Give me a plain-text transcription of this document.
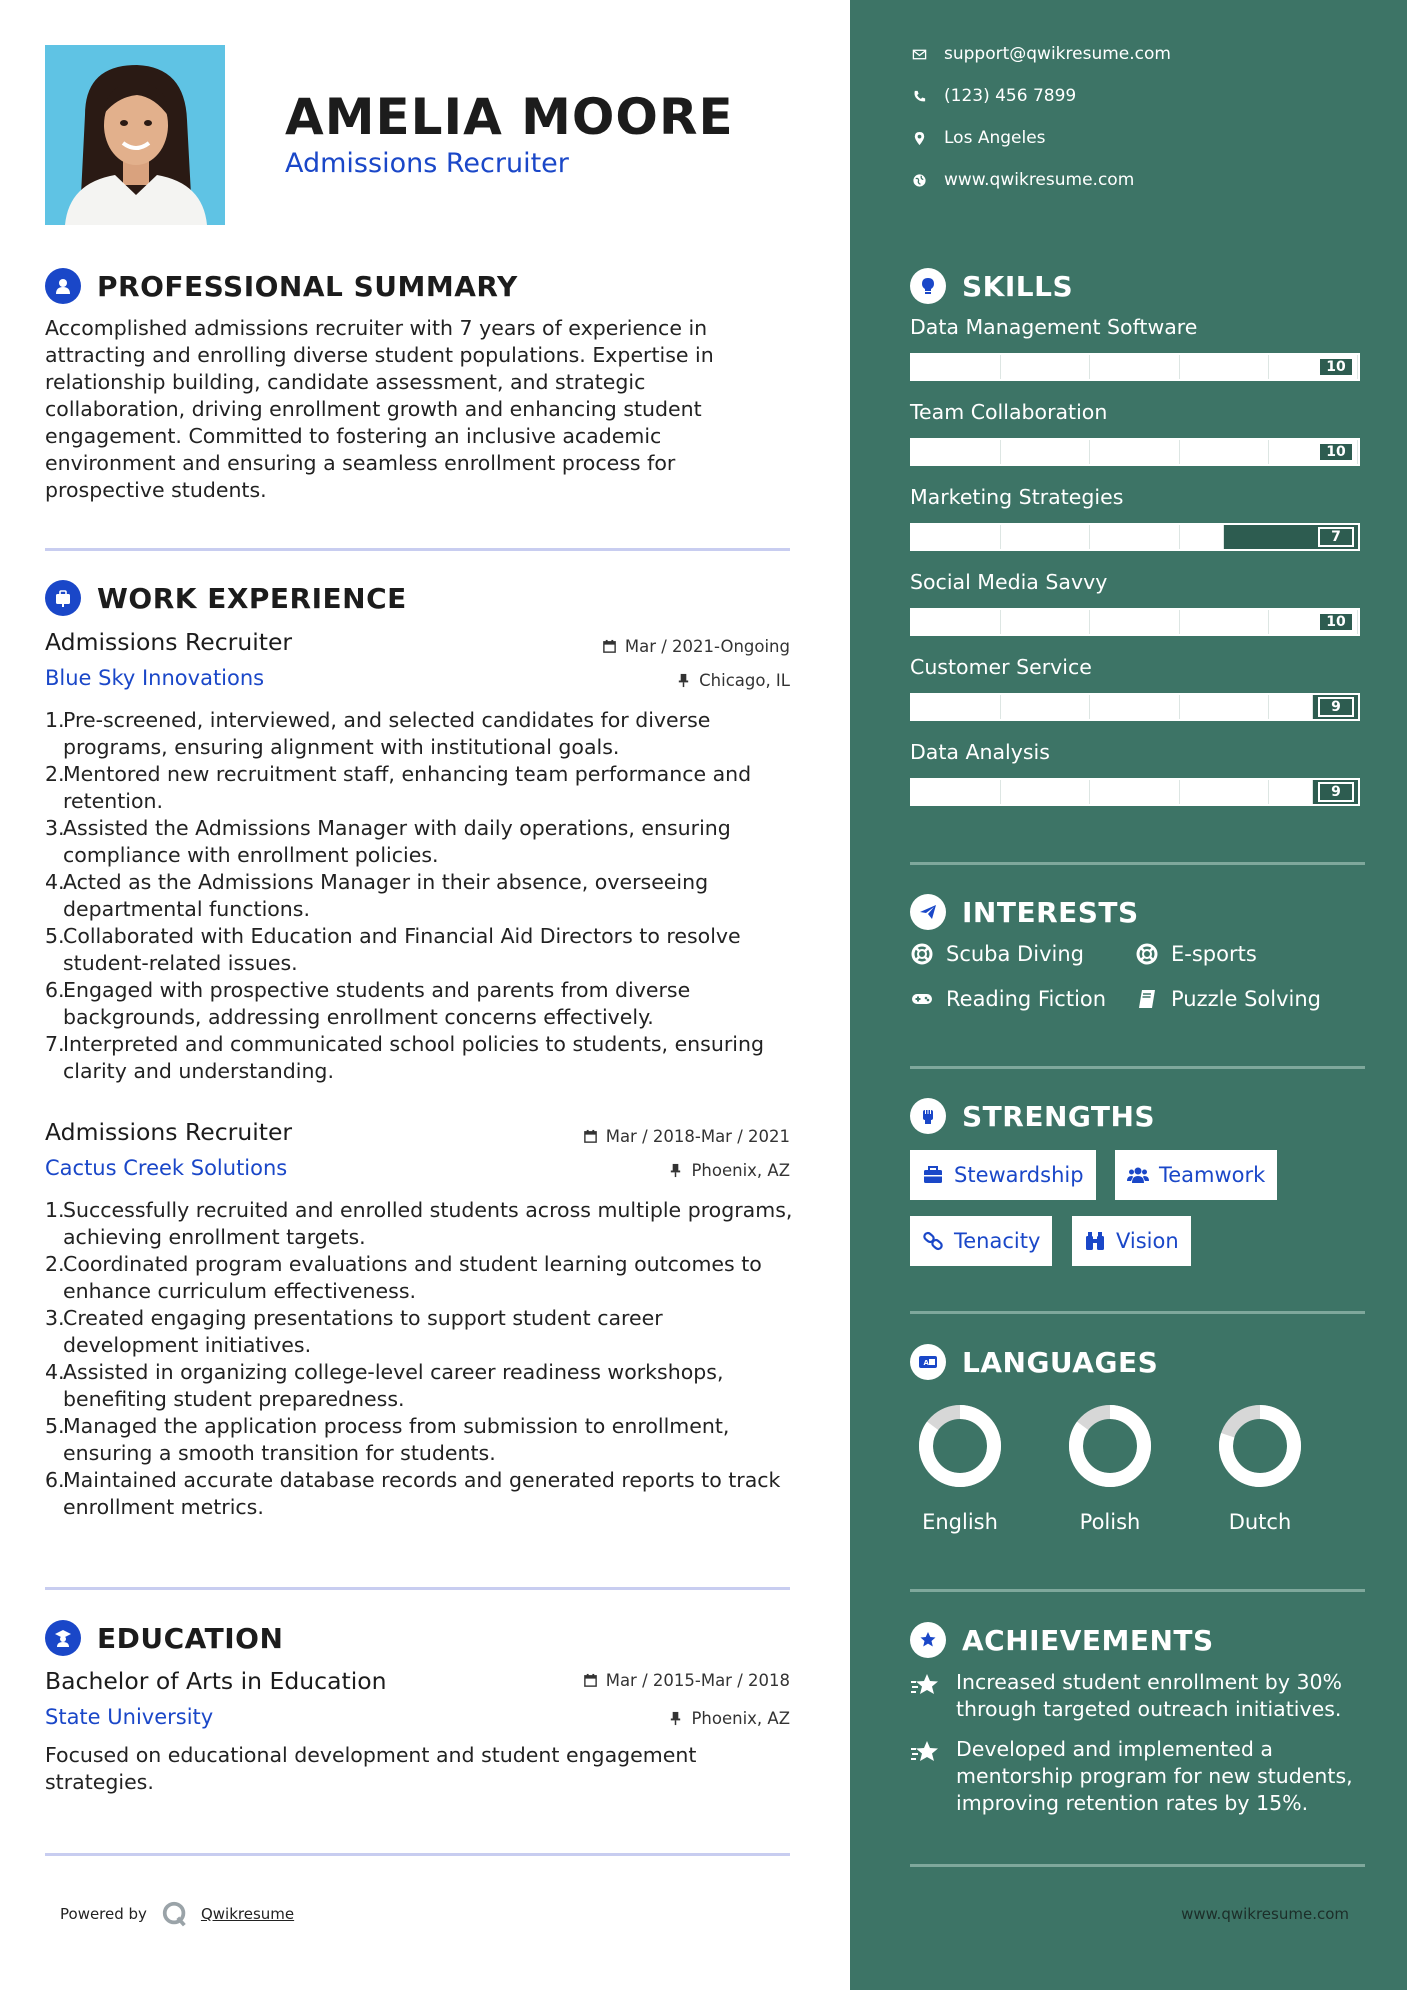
AMELIA MOORE
Admissions Recruiter
PROFESSIONAL SUMMARY
Accomplished admissions recruiter with 7 years of experience in attracting and enrolling diverse student populations. Expertise in relationship building, candidate assessment, and strategic collaboration, driving enrollment growth and enhancing student engagement. Committed to fostering an inclusive academic environment and ensuring a seamless enrollment process for prospective students.
WORK EXPERIENCE
Admissions Recruiter	Mar / 2021-Ongoing
Blue Sky Innovations	Chicago, IL
1.
Pre-screened, interviewed, and selected candidates for diverse programs, ensuring alignment with institutional goals.
2.
Mentored new recruitment staff, enhancing team performance and retention.
3.
Assisted the Admissions Manager with daily operations, ensuring compliance with enrollment policies.
4.
Acted as the Admissions Manager in their absence, overseeing departmental functions.
5.
Collaborated with Education and Financial Aid Directors to resolve student-related issues.
6.
Engaged with prospective students and parents from diverse backgrounds, addressing enrollment concerns effectively.
7.
Interpreted and communicated school policies to students, ensuring clarity and understanding.
Admissions Recruiter	Mar / 2018-Mar / 2021
Cactus Creek Solutions	Phoenix, AZ
1.
Successfully recruited and enrolled students across multiple programs, achieving enrollment targets.
2.
Coordinated program evaluations and student learning outcomes to enhance curriculum effectiveness.
3.
Created engaging presentations to support student career development initiatives.
4.
Assisted in organizing college-level career readiness workshops, benefiting student preparedness.
5.
Managed the application process from submission to enrollment, ensuring a smooth transition for students.
6.
Maintained accurate database records and generated reports to track enrollment metrics.
EDUCATION
Bachelor of Arts in Education	Mar / 2015-Mar / 2018
State University	Phoenix, AZ
Focused on educational development and student engagement strategies.
Powered by	Qwikresume
support@qwikresume.com
(123) 456 7899
Los Angeles
www.qwikresume.com
SKILLS
Data Management Software
10
Team Collaboration
10
Marketing Strategies
7
Social Media Savvy
10
Customer Service
9
Data Analysis
9
INTERESTS
Scuba Diving	E-sports
Reading Fiction	Puzzle Solving
STRENGTHS
Stewardship	Teamwork
Tenacity	Vision
A LANGUAGES
English	Polish	Dutch
ACHIEVEMENTS
Increased student enrollment by 30% through targeted outreach initiatives.
Developed and implemented a mentorship program for new students, improving retention rates by 15%.
www.qwikresume.com
